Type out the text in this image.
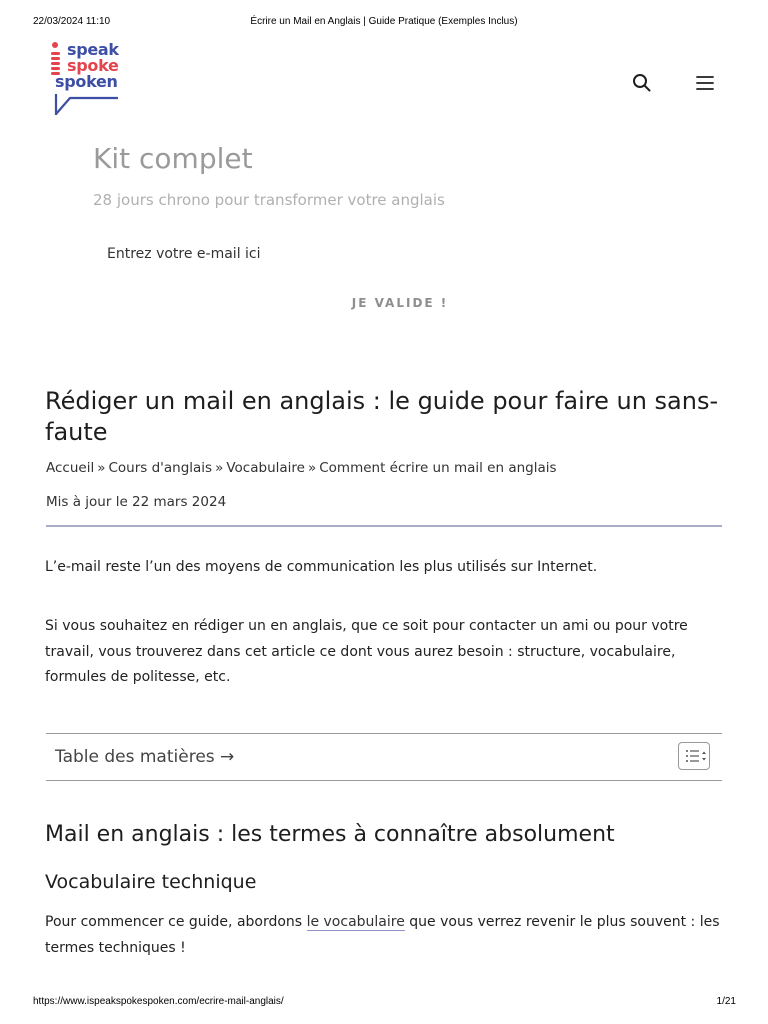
22/03/2024 11:10	Écrire un Mail en Anglais | Guide Pratique (Exemples Inclus)
speak
spoke
spoken
Kit complet
28 jours chrono pour transformer votre anglais
Entrez votre e-mail ici
JE VALIDE !
Rédiger un mail en anglais : le guide pour faire un sans-faute
Accueil » Cours d'anglais » Vocabulaire » Comment écrire un mail en anglais
Mis à jour le 22 mars 2024

L’e-mail reste l’un des moyens de communication les plus utilisés sur Internet.

Si vous souhaitez en rédiger un en anglais, que ce soit pour contacter un ami ou pour votre travail, vous trouverez dans cet article ce dont vous aurez besoin : structure, vocabulaire, formules de politesse, etc.

Table des matières →
Mail en anglais : les termes à connaître absolument
Vocabulaire technique

Pour commencer ce guide, abordons le vocabulaire que vous verrez revenir le plus souvent : les termes techniques !

https://www.ispeakspokespoken.com/ecrire-mail-anglais/	1/21
